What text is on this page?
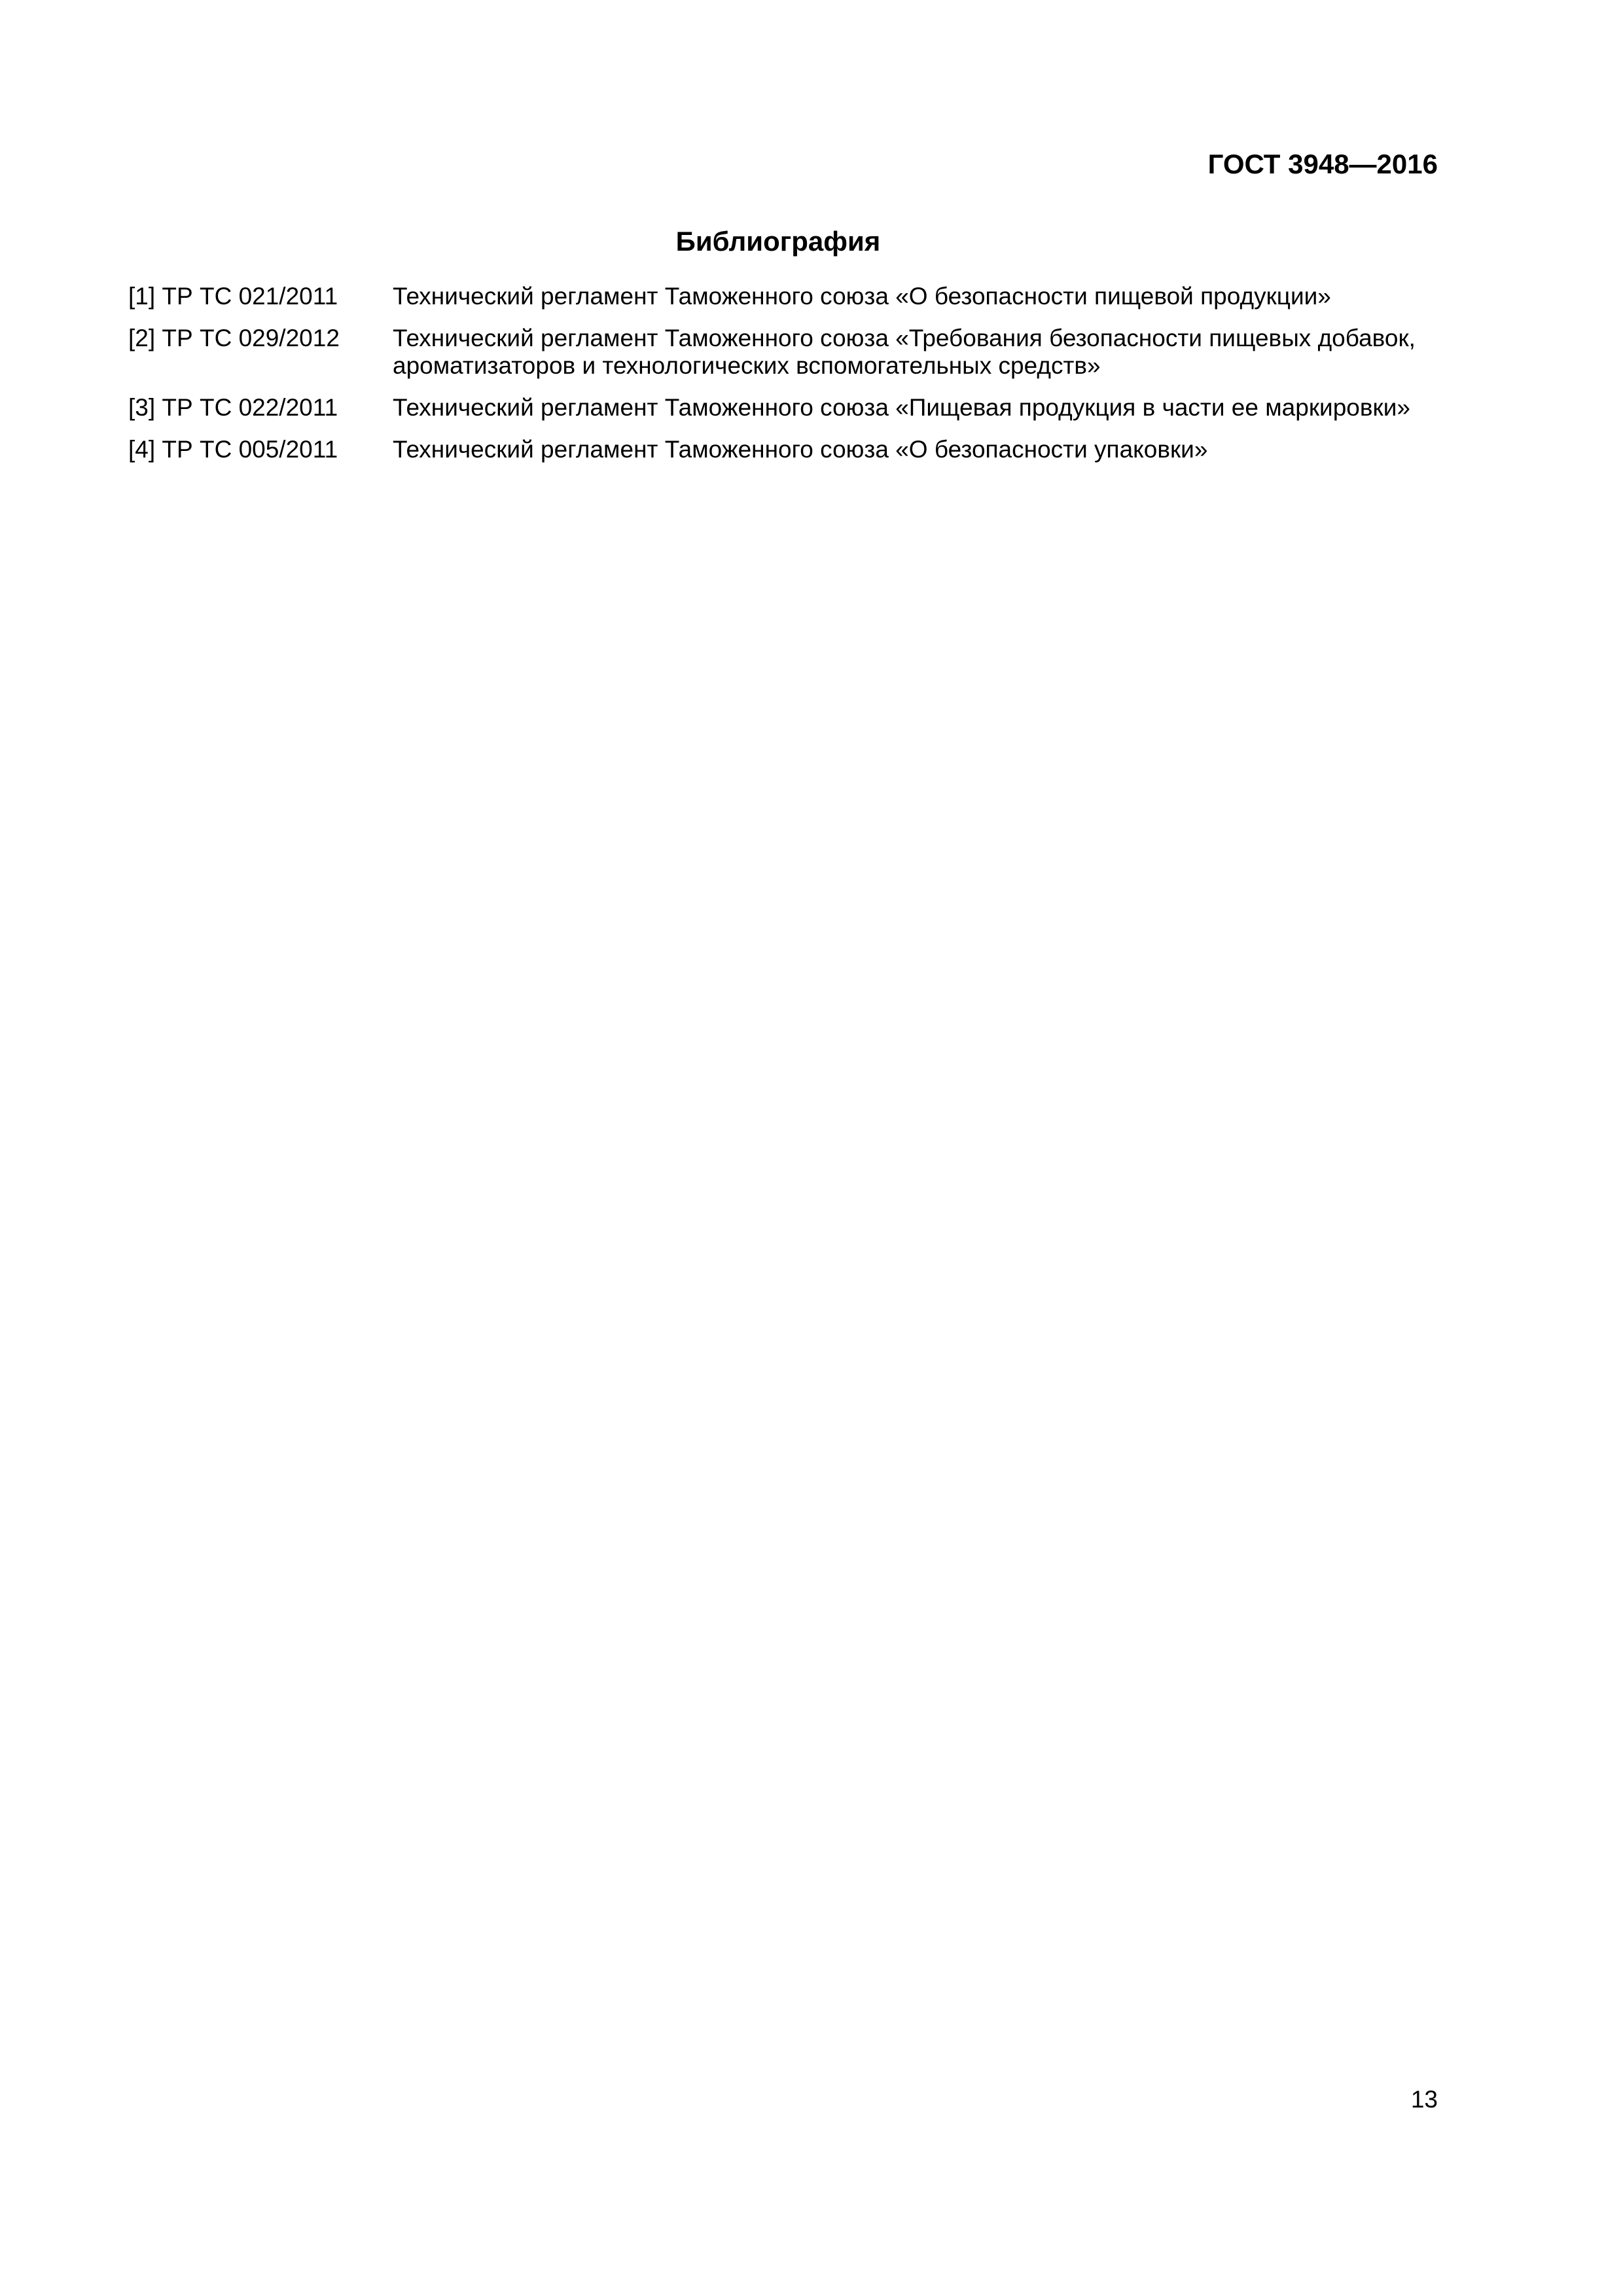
ГОСТ 3948—2016
Библиография
[1] ТР ТС 021/2011	Технический регламент Таможенного союза «О безопасности пищевой продукции»
[2] ТР ТС 029/2012	Технический регламент Таможенного союза «Требования безопасности пищевых добавок, ароматизаторов и технологических вспомогательных средств»
[3] ТР ТС 022/2011	Технический регламент Таможенного союза «Пищевая продукция в части ее маркировки»
[4] ТР ТС 005/2011	Технический регламент Таможенного союза «О безопасности упаковки»
13
